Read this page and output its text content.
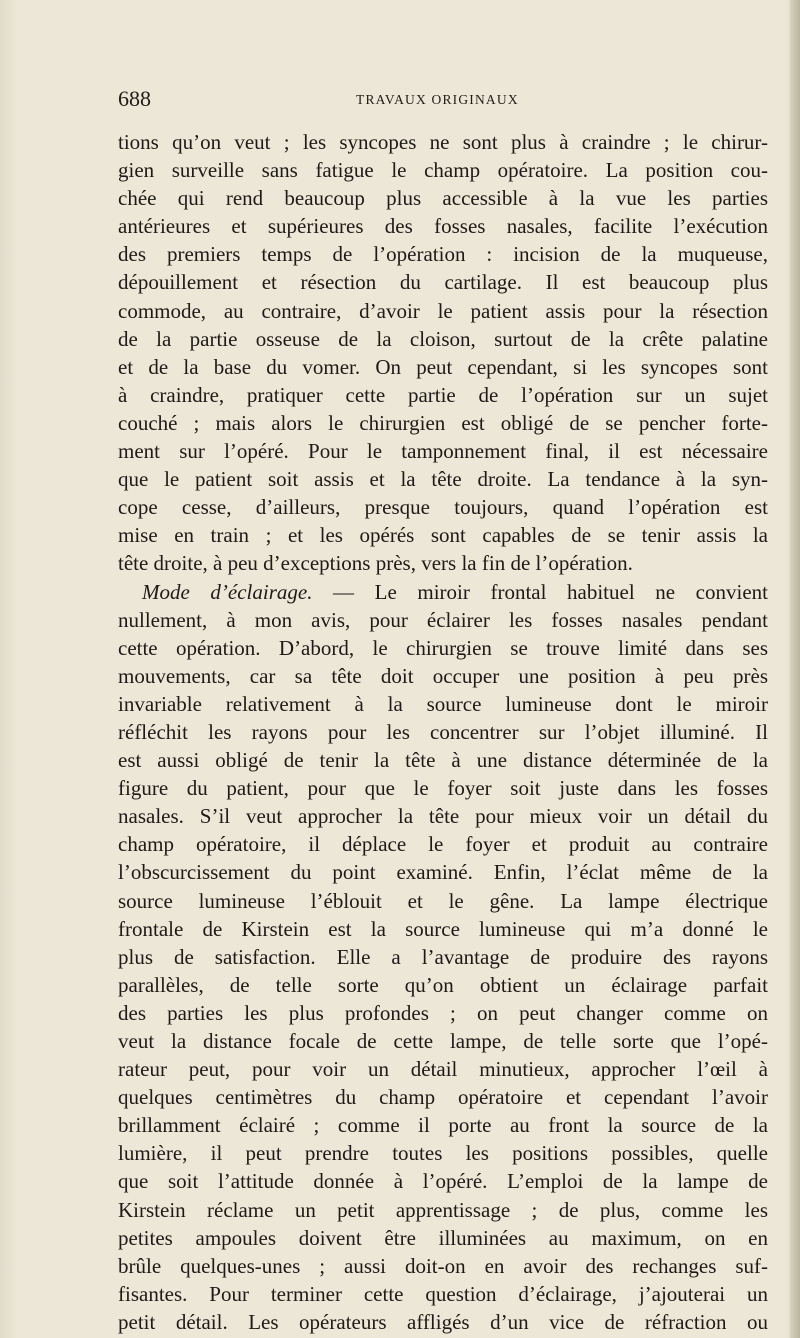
688	TRAVAUX ORIGINAUX
tions qu’on veut ; les syncopes ne sont plus à craindre ; le chirur-
gien surveille sans fatigue le champ opératoire. La position cou-
chée qui rend beaucoup plus accessible à la vue les parties
antérieures et supérieures des fosses nasales, facilite l’exécution
des premiers temps de l’opération : incision de la muqueuse,
dépouillement et résection du cartilage. Il est beaucoup plus
commode, au contraire, d’avoir le patient assis pour la résection
de la partie osseuse de la cloison, surtout de la crête palatine
et de la base du vomer. On peut cependant, si les syncopes sont
à craindre, pratiquer cette partie de l’opération sur un sujet
couché ; mais alors le chirurgien est obligé de se pencher forte-
ment sur l’opéré. Pour le tamponnement final, il est nécessaire
que le patient soit assis et la tête droite. La tendance à la syn-
cope cesse, d’ailleurs, presque toujours, quand l’opération est
mise en train ; et les opérés sont capables de se tenir assis la
tête droite, à peu d’exceptions près, vers la fin de l’opération.
Mode d’éclairage. — Le miroir frontal habituel ne convient
nullement, à mon avis, pour éclairer les fosses nasales pendant
cette opération. D’abord, le chirurgien se trouve limité dans ses
mouvements, car sa tête doit occuper une position à peu près
invariable relativement à la source lumineuse dont le miroir
réfléchit les rayons pour les concentrer sur l’objet illuminé. Il
est aussi obligé de tenir la tête à une distance déterminée de la
figure du patient, pour que le foyer soit juste dans les fosses
nasales. S’il veut approcher la tête pour mieux voir un détail du
champ opératoire, il déplace le foyer et produit au contraire
l’obscurcissement du point examiné. Enfin, l’éclat même de la
source lumineuse l’éblouit et le gêne. La lampe électrique
frontale de Kirstein est la source lumineuse qui m’a donné le
plus de satisfaction. Elle a l’avantage de produire des rayons
parallèles, de telle sorte qu’on obtient un éclairage parfait
des parties les plus profondes ; on peut changer comme on
veut la distance focale de cette lampe, de telle sorte que l’opé-
rateur peut, pour voir un détail minutieux, approcher l’œil à
quelques centimètres du champ opératoire et cependant l’avoir
brillamment éclairé ; comme il porte au front la source de la
lumière, il peut prendre toutes les positions possibles, quelle
que soit l’attitude donnée à l’opéré. L’emploi de la lampe de
Kirstein réclame un petit apprentissage ; de plus, comme les
petites ampoules doivent être illuminées au maximum, on en
brûle quelques-unes ; aussi doit-on en avoir des rechanges suf-
fisantes. Pour terminer cette question d’éclairage, j’ajouterai un
petit détail. Les opérateurs affligés d’un vice de réfraction ou
